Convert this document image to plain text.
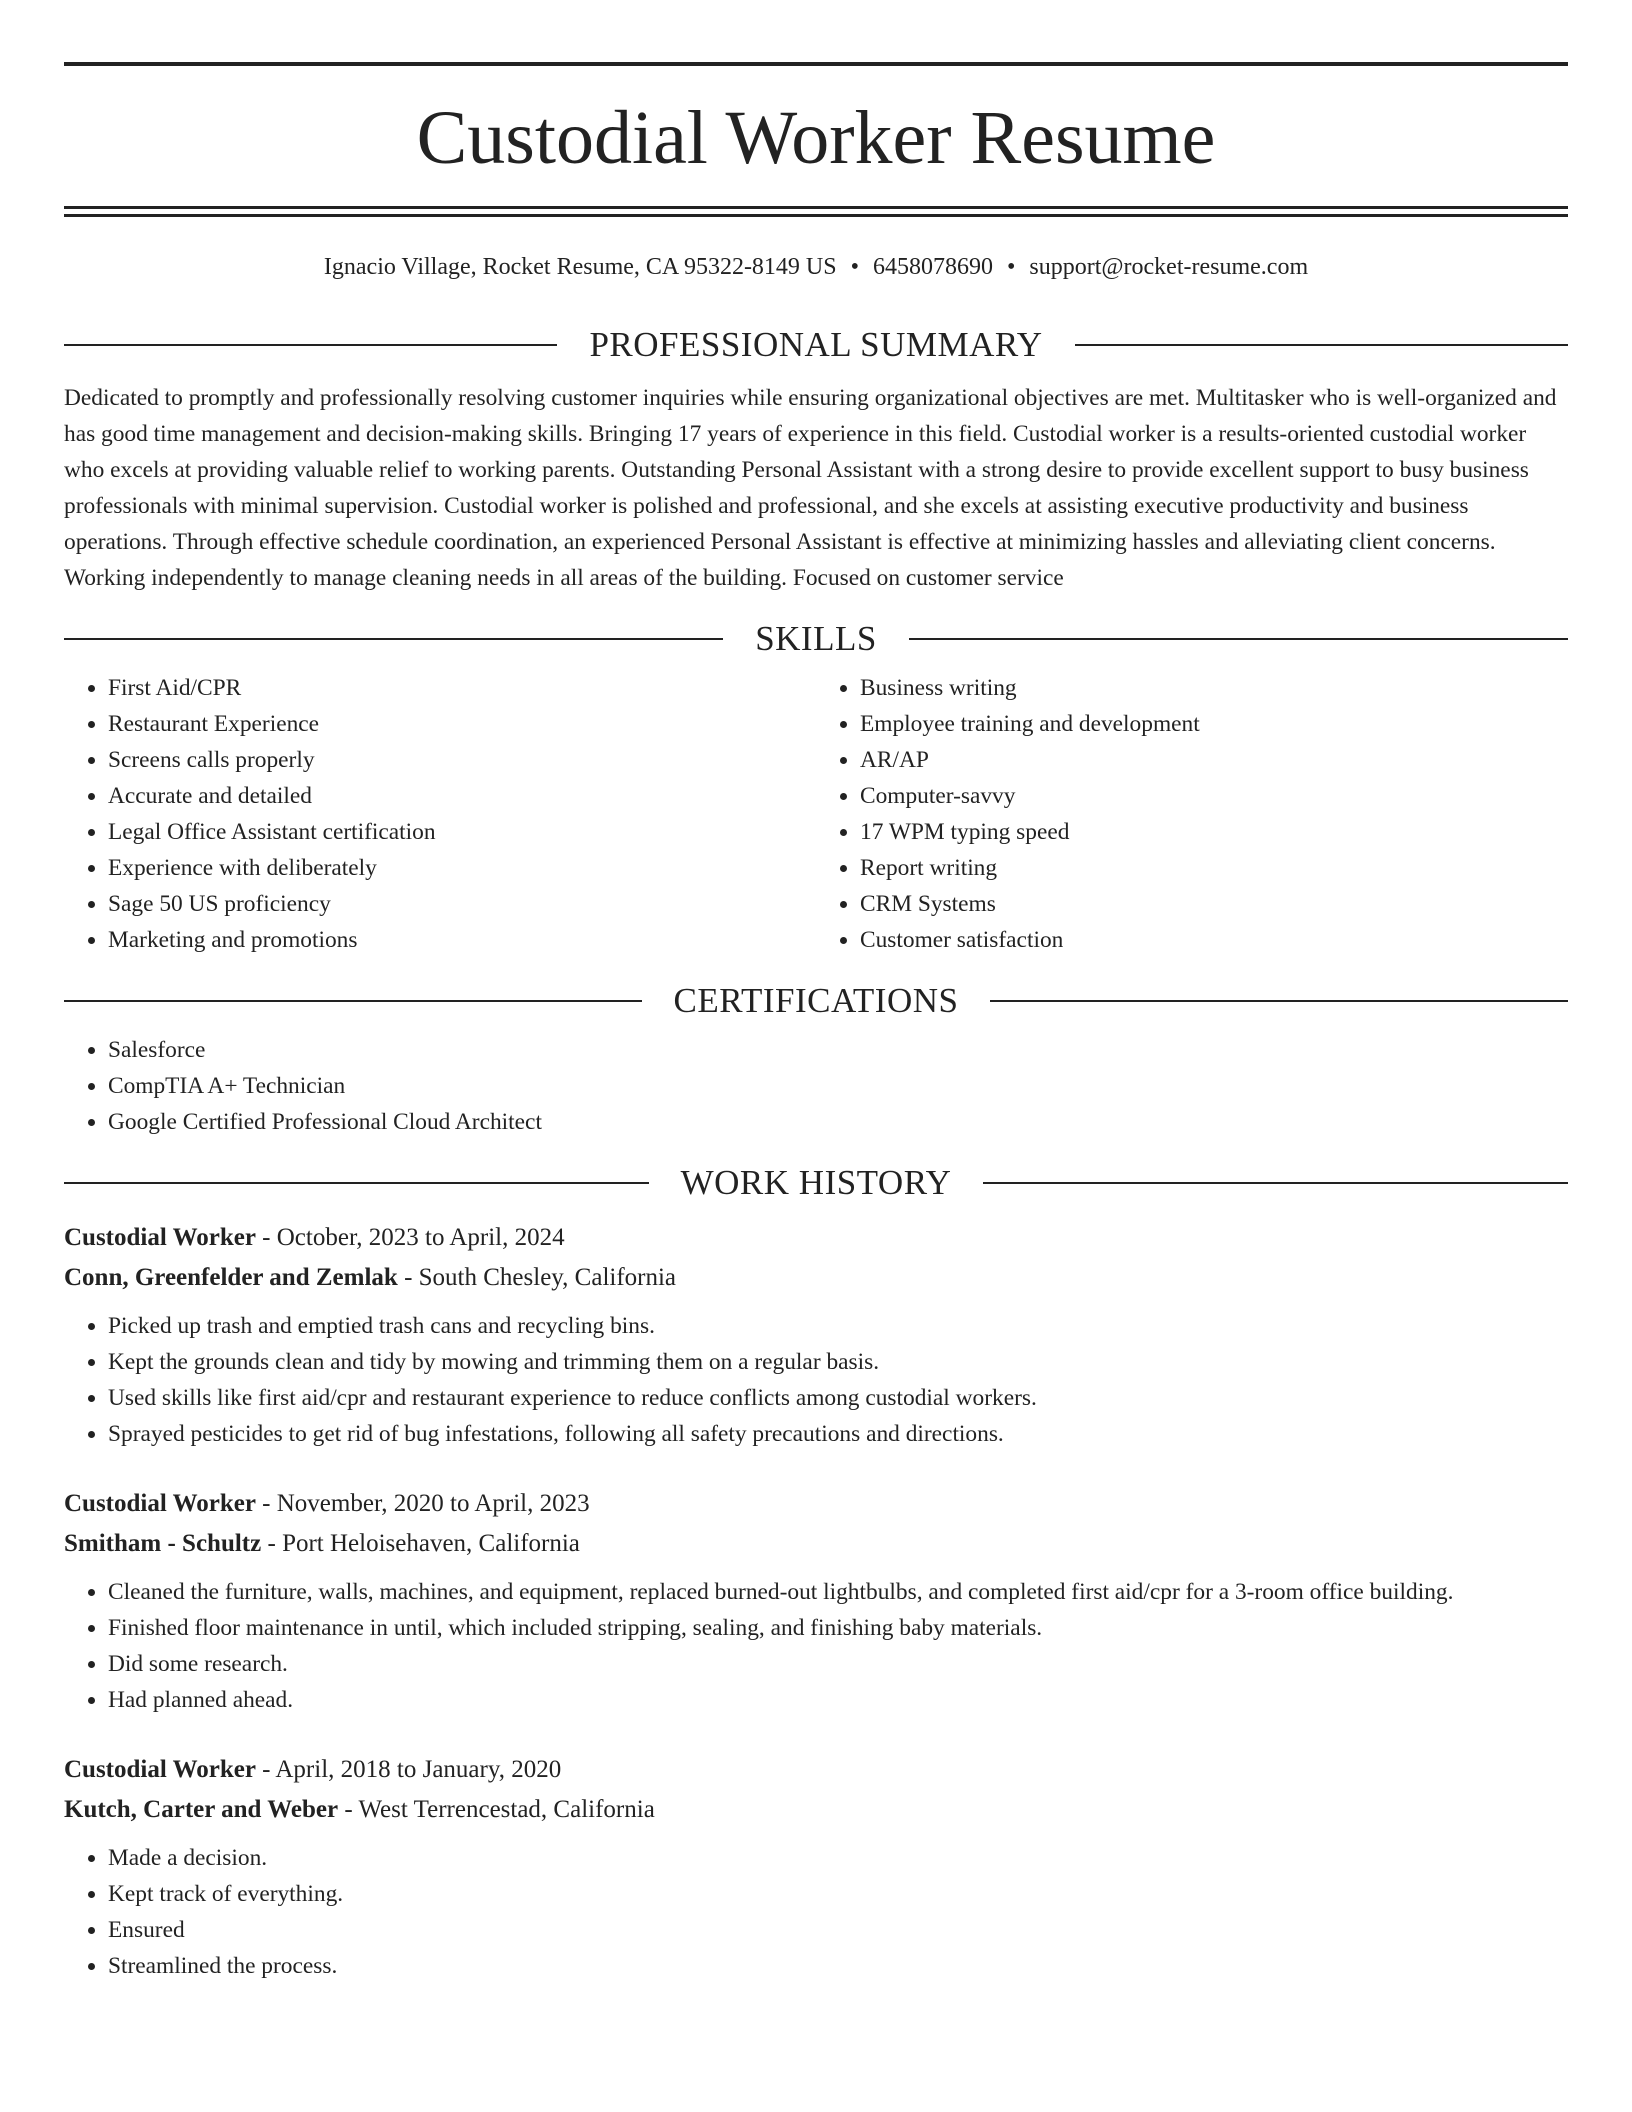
Custodial Worker Resume
Ignacio Village, Rocket Resume, CA 95322-8149 US • 6458078690 • support@rocket-resume.com
PROFESSIONAL SUMMARY

Dedicated to promptly and professionally resolving customer inquiries while ensuring organizational objectives are met. Multitasker who is well-organized and has good time management and decision-making skills. Bringing 17 years of experience in this field. Custodial worker is a results-oriented custodial worker who excels at providing valuable relief to working parents. Outstanding Personal Assistant with a strong desire to provide excellent support to busy business professionals with minimal supervision. Custodial worker is polished and professional, and she excels at assisting executive productivity and business operations. Through effective schedule coordination, an experienced Personal Assistant is effective at minimizing hassles and alleviating client concerns. Working independently to manage cleaning needs in all areas of the building. Focused on customer service

SKILLS
• First Aid/CPR
• Restaurant Experience
• Screens calls properly
• Accurate and detailed
• Legal Office Assistant certification
• Experience with deliberately
• Sage 50 US proficiency
• Marketing and promotions
• Business writing
• Employee training and development
• AR/AP
• Computer-savvy
• 17 WPM typing speed
• Report writing
• CRM Systems
• Customer satisfaction
CERTIFICATIONS
• Salesforce
• CompTIA A+ Technician
• Google Certified Professional Cloud Architect
WORK HISTORY
Custodial Worker - October, 2023 to April, 2024
Conn, Greenfelder and Zemlak - South Chesley, California
• Picked up trash and emptied trash cans and recycling bins.
• Kept the grounds clean and tidy by mowing and trimming them on a regular basis.
• Used skills like first aid/cpr and restaurant experience to reduce conflicts among custodial workers.
• Sprayed pesticides to get rid of bug infestations, following all safety precautions and directions.
Custodial Worker - November, 2020 to April, 2023
Smitham - Schultz - Port Heloisehaven, California
• Cleaned the furniture, walls, machines, and equipment, replaced burned-out lightbulbs, and completed first aid/cpr for a 3-room office building.
• Finished floor maintenance in until, which included stripping, sealing, and finishing baby materials.
• Did some research.
• Had planned ahead.
Custodial Worker - April, 2018 to January, 2020
Kutch, Carter and Weber - West Terrencestad, California
• Made a decision.
• Kept track of everything.
• Ensured
• Streamlined the process.
